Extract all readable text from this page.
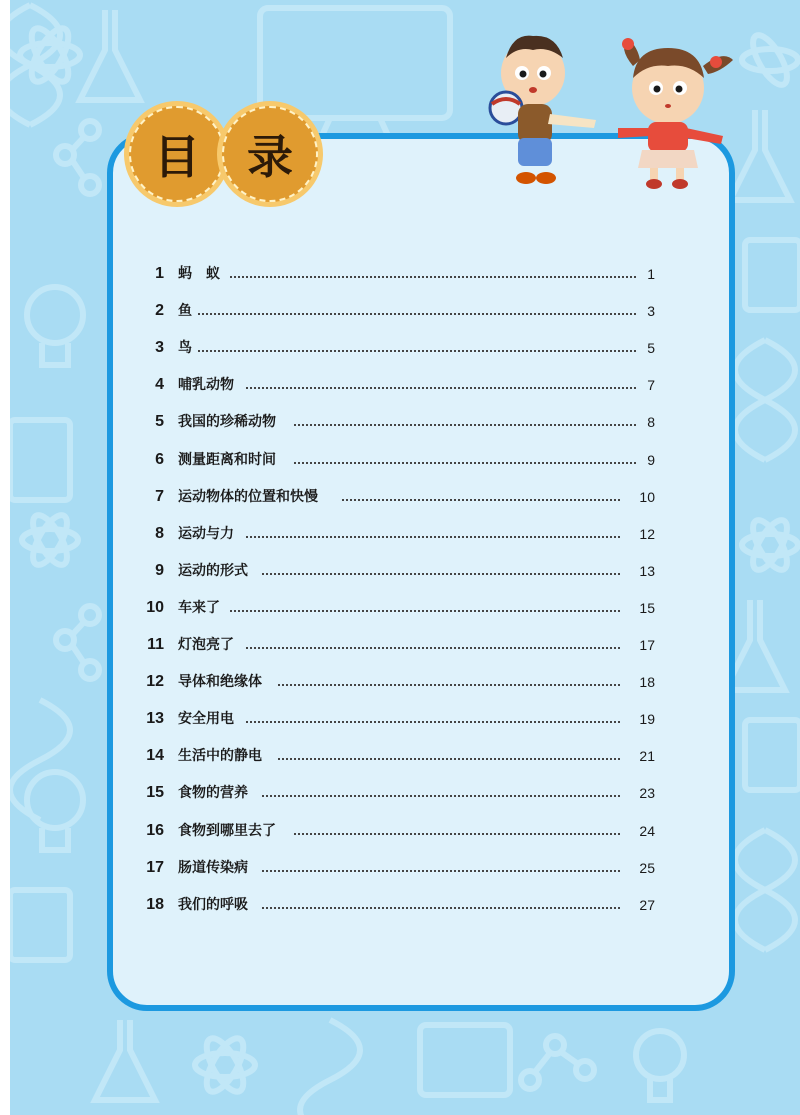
目 录
1 蚂　蚁	1
2 鱼	3
3 鸟	5
4 哺乳动物	7
5 我国的珍稀动物	8
6 测量距离和时间	9
7 运动物体的位置和快慢	10
8 运动与力	12
9 运动的形式	13
10 车来了	15
11 灯泡亮了	17
12 导体和绝缘体	18
13 安全用电	19
14 生活中的静电	21
15 食物的营养	23
16 食物到哪里去了	24
17 肠道传染病	25
18 我们的呼吸	27
